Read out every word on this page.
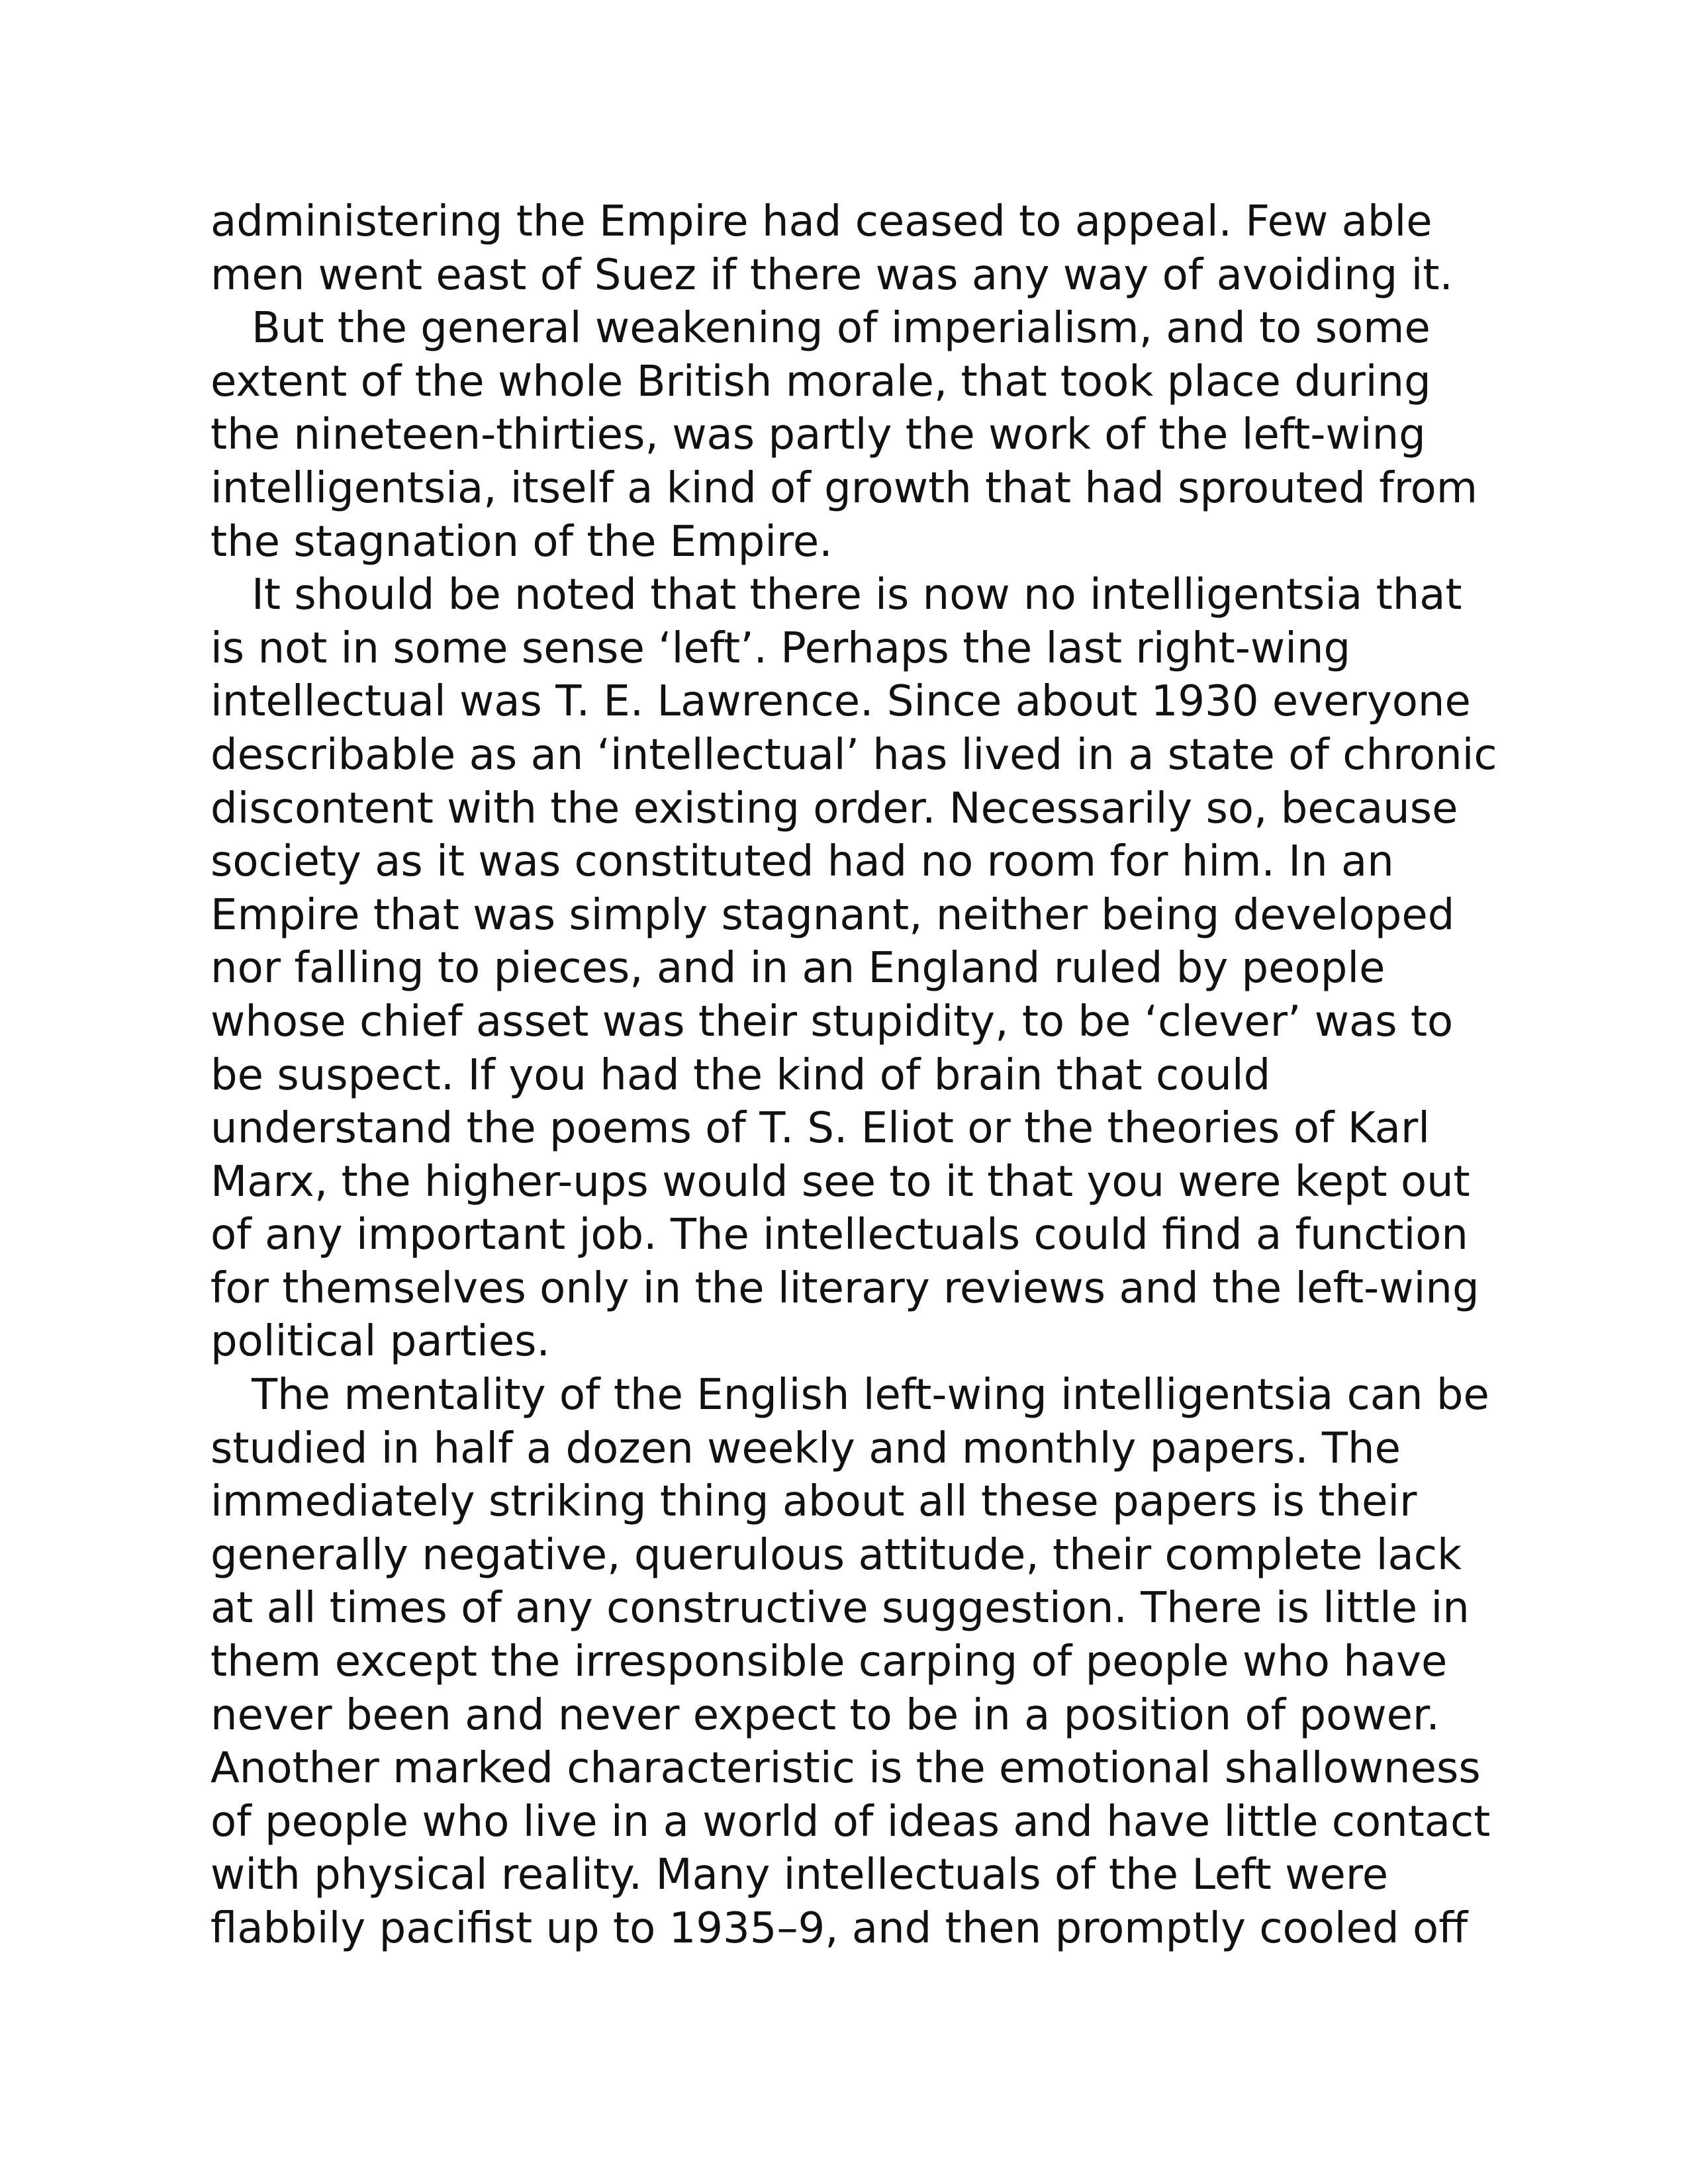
administering the Empire had ceased to appeal. Few able
men went east of Suez if there was any way of avoiding it.
But the general weakening of imperialism, and to some
extent of the whole British morale, that took place during
the nineteen-thirties, was partly the work of the left-wing
intelligentsia, itself a kind of growth that had sprouted from
the stagnation of the Empire.
It should be noted that there is now no intelligentsia that
is not in some sense ‘left’. Perhaps the last right-wing
intellectual was T. E. Lawrence. Since about 1930 everyone
describable as an ‘intellectual’ has lived in a state of chronic
discontent with the existing order. Necessarily so, because
society as it was constituted had no room for him. In an
Empire that was simply stagnant, neither being developed
nor falling to pieces, and in an England ruled by people
whose chief asset was their stupidity, to be ‘clever’ was to
be suspect. If you had the kind of brain that could
understand the poems of T. S. Eliot or the theories of Karl
Marx, the higher-ups would see to it that you were kept out
of any important job. The intellectuals could ﬁnd a function
for themselves only in the literary reviews and the left-wing
political parties.
The mentality of the English left-wing intelligentsia can be
studied in half a dozen weekly and monthly papers. The
immediately striking thing about all these papers is their
generally negative, querulous attitude, their complete lack
at all times of any constructive suggestion. There is little in
them except the irresponsible carping of people who have
never been and never expect to be in a position of power.
Another marked characteristic is the emotional shallowness
of people who live in a world of ideas and have little contact
with physical reality. Many intellectuals of the Left were
ﬂabbily paciﬁst up to 1935–9, and then promptly cooled off
